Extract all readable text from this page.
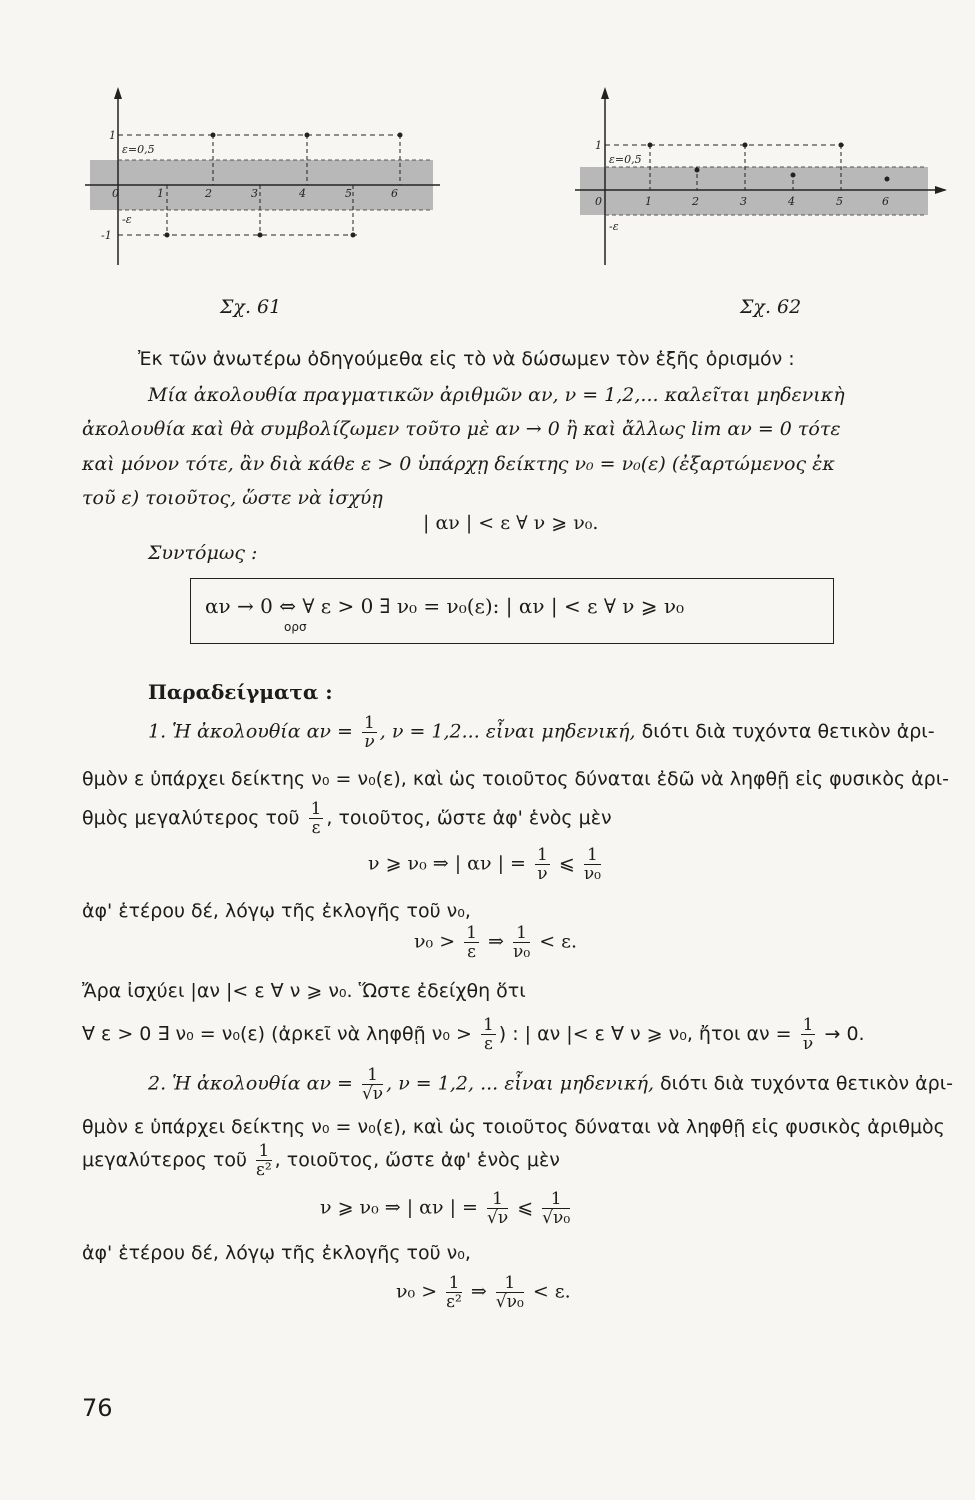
ε=0,5
-ε
1
-1
0	1	2	3	4	5	6
Σχ. 61
ε=0,5
-ε
1
0	1	2	3	4	5	6
Σχ. 62
Ἐκ τῶν ἀνωτέρω ὀδηγούμεθα εἰς τὸ νὰ δώσωμεν τὸν ἑξῆς ὁρισμόν :
Μία ἀκολουθία πραγματικῶν ἀριθμῶν αν, ν = 1,2,... καλεῖται μηδενικὴ
ἀκολουθία καὶ θὰ συμβολίζωμεν τοῦτο μὲ αν → 0 ἢ καὶ ἄλλως lim αν = 0 τότε
καὶ μόνον τότε, ἂν διὰ κάθε ε > 0 ὑπάρχῃ δείκτης ν₀ = ν₀(ε) (ἐξαρτώμενος ἐκ
τοῦ ε) τοιοῦτος, ὥστε νὰ ἰσχύῃ
| αν | < ε ∀ ν ⩾ ν₀.
Συντόμως :
αν → 0 ⇔ ∀ ε > 0 ∃ ν₀ = ν₀(ε): | αν | < ε ∀ ν ⩾ ν₀
ορσ
Παραδείγματα :
1. Ἡ ἀκολουθία $\alpha\nu = \frac{1}{\nu}$ , ν = 1,2... εἶναι μηδενική, διότι διὰ τυχόντα θετικὸν ἀρι-
θμὸν ε ὑπάρχει δείκτης ν₀ = ν₀(ε), καὶ ὡς τοιοῦτος δύναται ἐδῶ νὰ ληφθῇ εἰς φυσικὸς ἀρι-
θμὸς μεγαλύτερος τοῦ $\frac{1}{\varepsilon}$ , τοιοῦτος, ὥστε ἀφ' ἑνὸς μὲν
ν ⩾ ν₀ ⇒ | αν | = $\frac{1}{\nu}$ ⩽ $\frac{1}{\text{ν₀}}$
ἀφ' ἑτέρου δέ, λόγῳ τῆς ἐκλογῆς τοῦ ν₀,
$\nu_0 > \frac{1}{\varepsilon}$ ⇒ $\frac{1}{\text{ν₀}} < \varepsilon$.
Ἄρα ἰσχύει |αν |< ε ∀ ν ⩾ ν₀. Ὥστε ἐδείχθη ὅτι
∀ ε > 0 ∃ ν₀ = ν₀(ε) (ἀρκεῖ νὰ ληφθῇ $\nu_0 > \frac{1}{\varepsilon}$ ) : | αν |< ε ∀ ν ⩾ ν₀, ἤτοι $\alpha\nu = \frac{1}{\nu} \to 0$.
2. Ἡ ἀκολουθία $\alpha\nu = \frac{1}{√\nu}$ , ν = 1,2, ... εἶναι μηδενική, διότι διὰ τυχόντα θετικὸν ἀρι-
θμὸν ε ὑπάρχει δείκτης ν₀ = ν₀(ε), καὶ ὡς τοιοῦτος δύναται νὰ ληφθῇ εἰς φυσικὸς ἀριθμὸς
μεγαλύτερος τοῦ $\frac{1}{\text{ε²}}$ , τοιοῦτος, ὥστε ἀφ' ἑνὸς μὲν
ν ⩾ ν₀ ⇒ | αν | = $\frac{1}{√\nu}$ ⩽ $\frac{1}{\text{√ν₀}}$
ἀφ' ἑτέρου δέ, λόγῳ τῆς ἐκλογῆς τοῦ ν₀,
$\nu_0 > \frac{1}{\text{ε²}}$ ⇒ $\frac{1}{\text{√ν₀}} < \varepsilon$.
76
